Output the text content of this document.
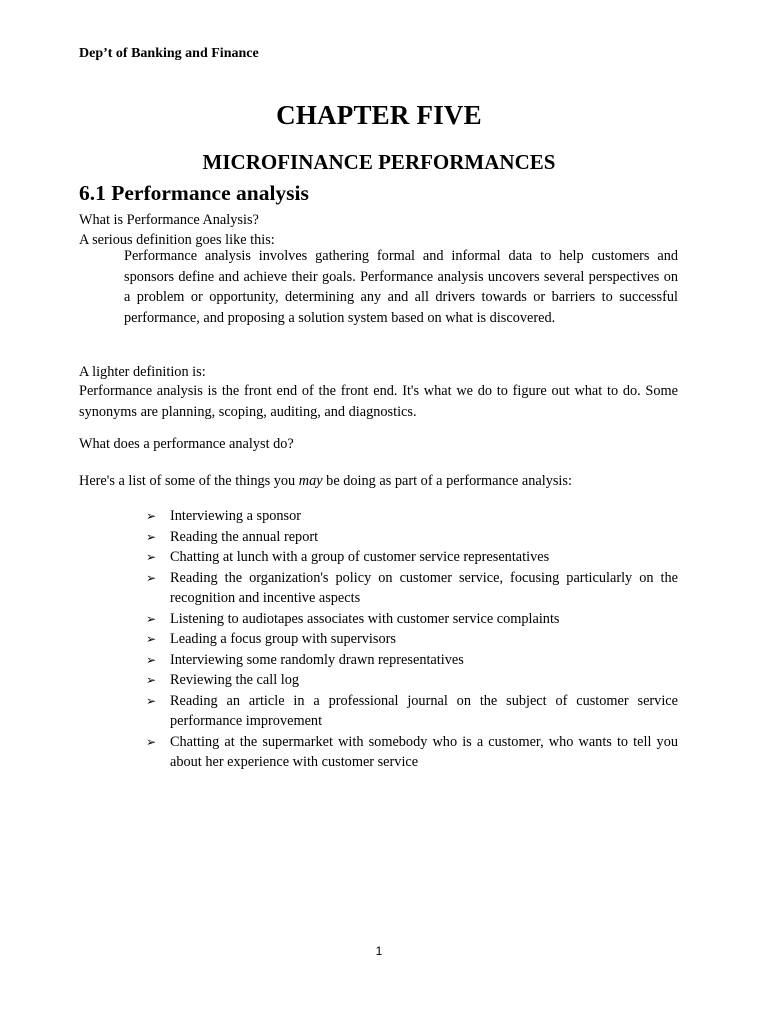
Dep’t of Banking and Finance
CHAPTER FIVE
MICROFINANCE PERFORMANCES
6.1 Performance analysis
What is Performance Analysis?
A serious definition goes like this:
Performance analysis involves gathering formal and informal data to help customers and sponsors define and achieve their goals. Performance analysis uncovers several perspectives on a problem or opportunity, determining any and all drivers towards or barriers to successful performance, and proposing a solution system based on what is discovered.
A lighter definition is:
Performance analysis is the front end of the front end. It's what we do to figure out what to do. Some synonyms are planning, scoping, auditing, and diagnostics.
What does a performance analyst do?
Here's a list of some of the things you may be doing as part of a performance analysis:
➢ Interviewing a sponsor
➢ Reading the annual report
➢ Chatting at lunch with a group of customer service representatives
➢ Reading the organization's policy on customer service, focusing particularly on the recognition and incentive aspects
➢ Listening to audiotapes associates with customer service complaints
➢ Leading a focus group with supervisors
➢ Interviewing some randomly drawn representatives
➢ Reviewing the call log
➢ Reading an article in a professional journal on the subject of customer service performance improvement
➢ Chatting at the supermarket with somebody who is a customer, who wants to tell you about her experience with customer service
1
